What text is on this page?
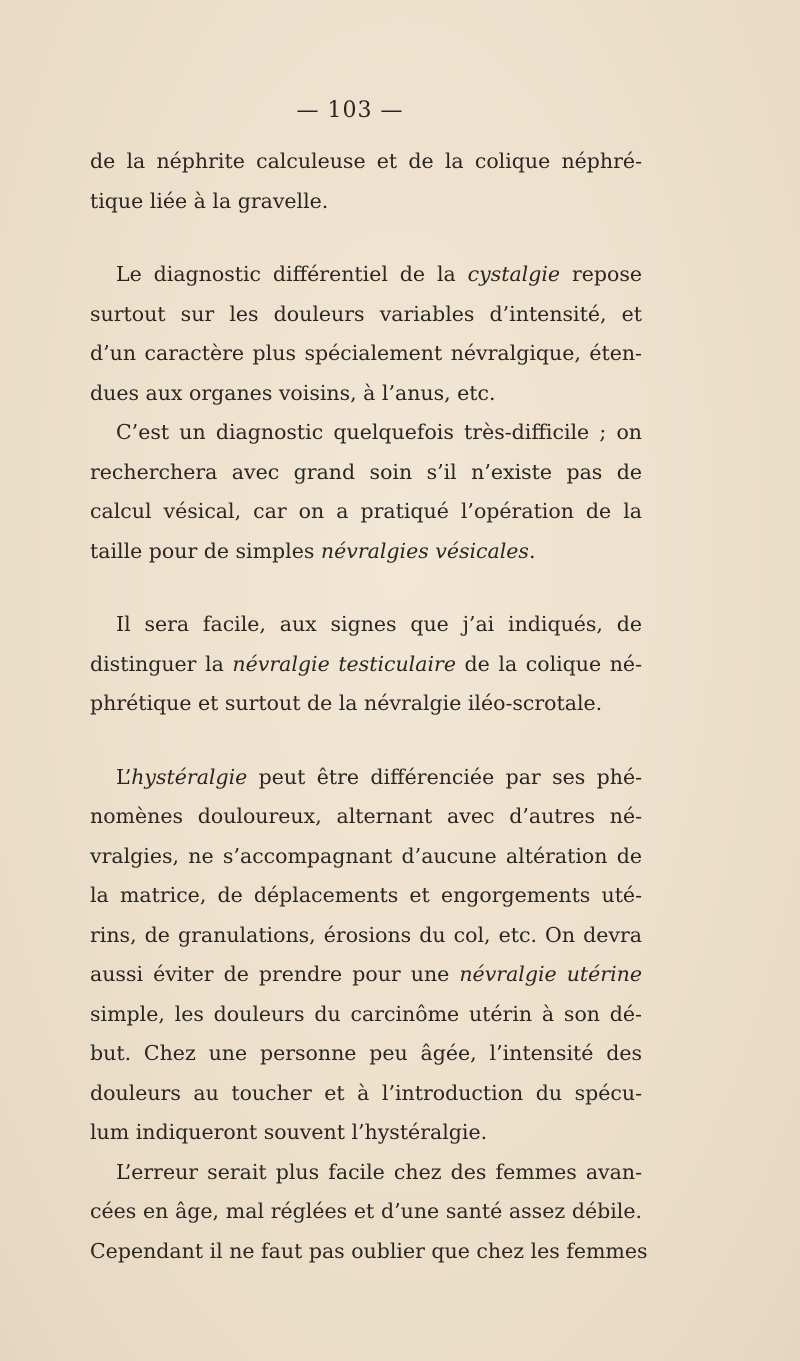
— 103 —
de la néphrite calculeuse et de la colique néphré-
tique liée à la gravelle.
Le diagnostic différentiel de la cystalgie repose
surtout sur les douleurs variables d’intensité, et
d’un caractère plus spécialement névralgique, éten-
dues aux organes voisins, à l’anus, etc.
C’est un diagnostic quelquefois très-difficile ; on
recherchera avec grand soin s’il n’existe pas de
calcul vésical, car on a pratiqué l’opération de la
taille pour de simples névralgies vésicales.
Il sera facile, aux signes que j’ai indiqués, de
distinguer la névralgie testiculaire de la colique né-
phrétique et surtout de la névralgie iléo-scrotale.
L’hystéralgie peut être différenciée par ses phé-
nomènes douloureux, alternant avec d’autres né-
vralgies, ne s’accompagnant d’aucune altération de
la matrice, de déplacements et engorgements uté-
rins, de granulations, érosions du col, etc. On devra
aussi éviter de prendre pour une névralgie utérine
simple, les douleurs du carcinôme utérin à son dé-
but. Chez une personne peu âgée, l’intensité des
douleurs au toucher et à l’introduction du spécu-
lum indiqueront souvent l’hystéralgie.
L’erreur serait plus facile chez des femmes avan-
cées en âge, mal réglées et d’une santé assez débile.
Cependant il ne faut pas oublier que chez les femmes
